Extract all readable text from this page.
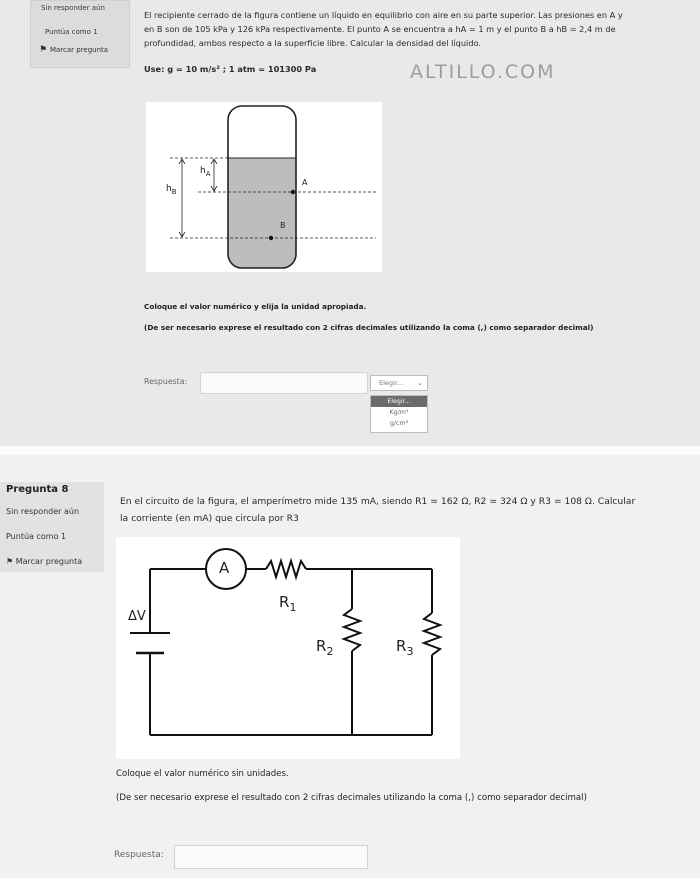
Sin responder aún
Puntúa como 1
⚑ Marcar pregunta
El recipiente cerrado de la figura contiene un líquido en equilibrio con aire en su parte superior. Las presiones en A y
en B son de 105 kPa y 126 kPa respectivamente. El punto A se encuentra a hA = 1 m y el punto B a hB = 2,4 m de
profundidad, ambos respecto a la superficie libre. Calcular la densidad del líquido.
Use: g = 10 m/s² ; 1 atm = 101300 Pa	ALTILLO.COM
$h_A$
$h_B$
A
B
Coloque el valor numérico y elija la unidad apropiada.
(De ser necesario exprese el resultado con 2 cifras decimales utilizando la coma (,) como separador decimal)
Respuesta:	Elegir... ⌄
Elegir...
Kg/m³
g/cm³
Pregunta 8
Sin responder aún
Puntúa como 1
⚑ Marcar pregunta
En el circuito de la figura, el amperímetro mide 135 mA, siendo R1 = 162 Ω, R2 = 324 Ω y R3 = 108 Ω. Calcular
la corriente (en mA) que circula por R3
A
ΔV
$R_1$
$R_2$	$R_3$
Coloque el valor numérico sin unidades.
(De ser necesario exprese el resultado con 2 cifras decimales utilizando la coma (,) como separador decimal)
Respuesta:
